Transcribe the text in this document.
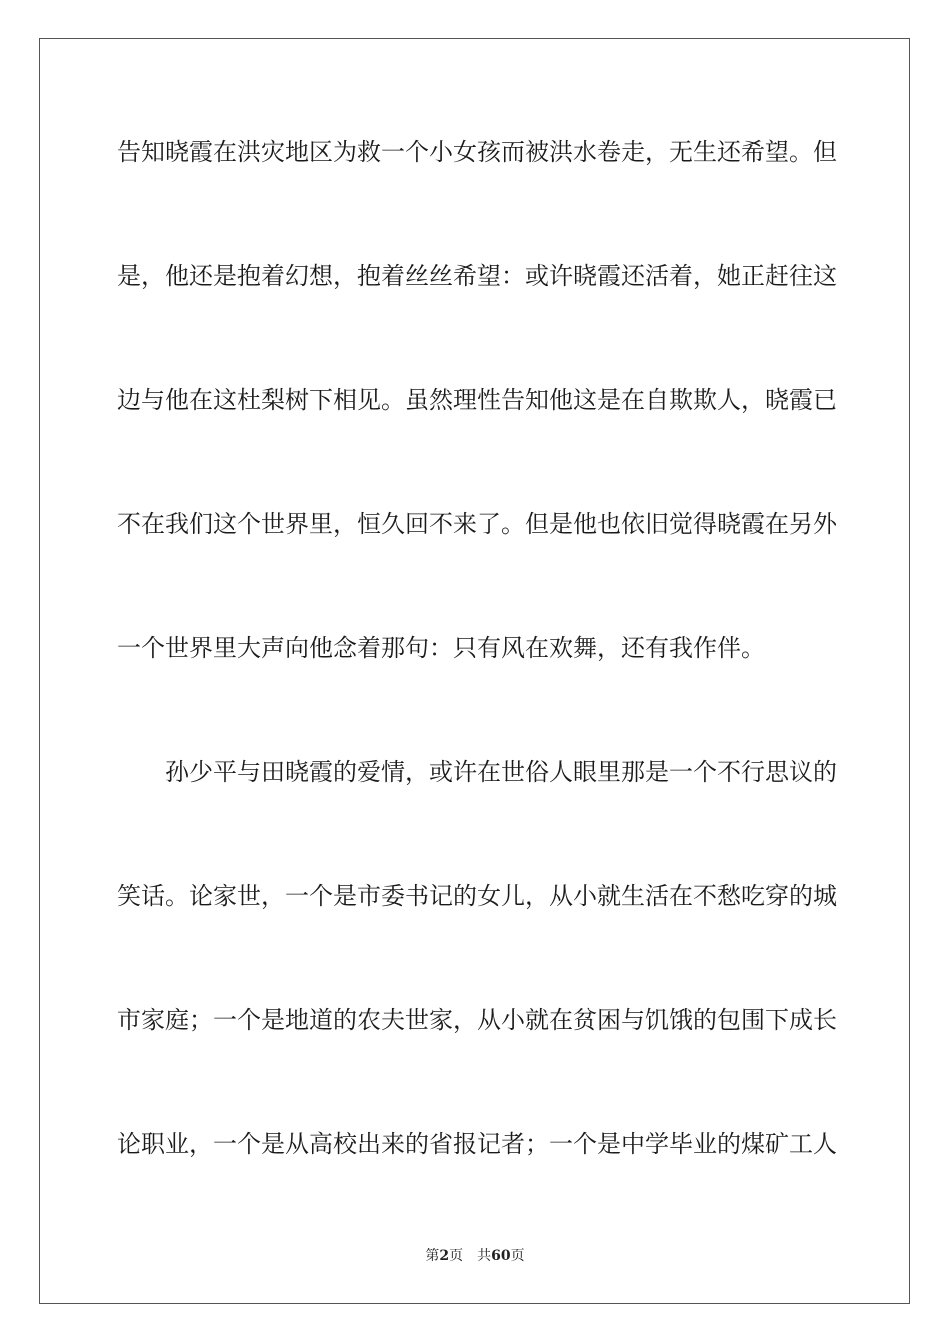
告知晓霞在洪灾地区为救一个小女孩而被洪水卷走，无生还希望。但
是，他还是抱着幻想，抱着丝丝希望：或许晓霞还活着，她正赶往这
边与他在这杜梨树下相见。虽然理性告知他这是在自欺欺人，晓霞已
不在我们这个世界里，恒久回不来了。但是他也依旧觉得晓霞在另外
一个世界里大声向他念着那句：只有风在欢舞，还有我作伴。
孙少平与田晓霞的爱情，或许在世俗人眼里那是一个不行思议的
笑话。论家世，一个是市委书记的女儿，从小就生活在不愁吃穿的城
市家庭；一个是地道的农夫世家，从小就在贫困与饥饿的包围下成长
论职业，一个是从高校出来的省报记者；一个是中学毕业的煤矿工人
第2页 共60页
